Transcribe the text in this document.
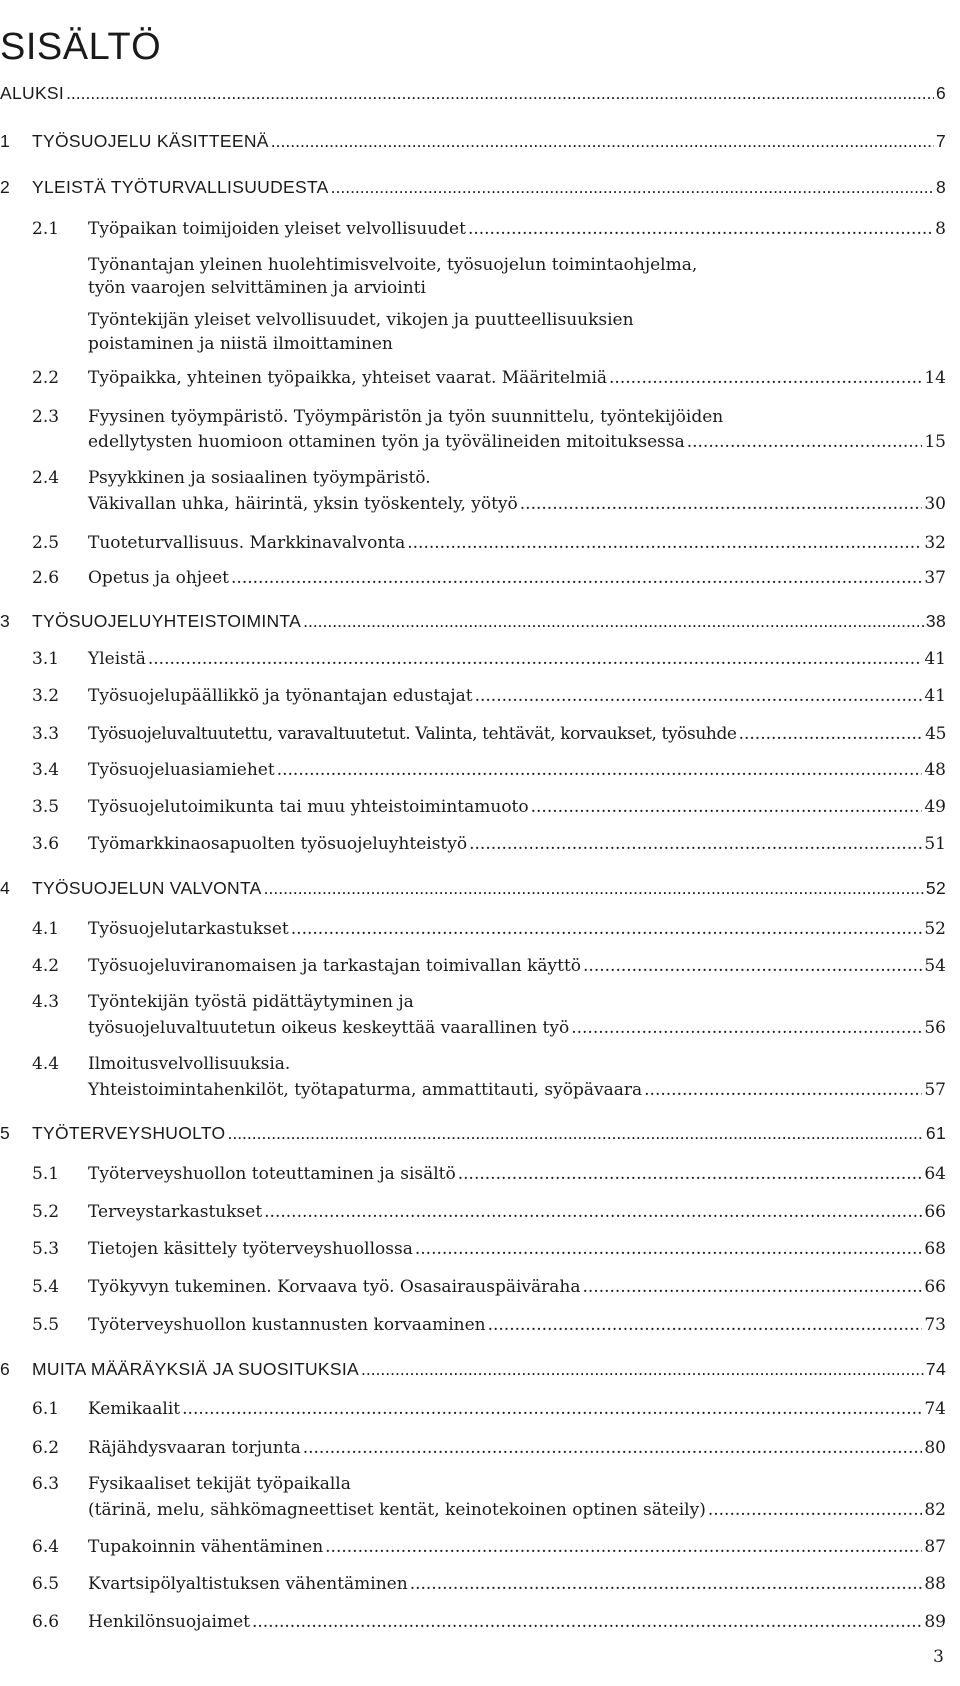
SISÄLTÖ
ALUKSI .....	6
1 TYÖSUOJELU KÄSITTEENÄ .....	7
2 YLEISTÄ TYÖTURVALLISUUDESTA .....	8
2.1 Työpaikan toimijoiden yleiset velvollisuudet .....	8
Työnantajan yleinen huolehtimisvelvoite, työsuojelun toimintaohjelma,
työn vaarojen selvittäminen ja arviointi
Työntekijän yleiset velvollisuudet, vikojen ja puutteellisuuksien
poistaminen ja niistä ilmoittaminen
2.2 Työpaikka, yhteinen työpaikka, yhteiset vaarat. Määritelmiä .....	14
2.3 Fyysinen työympäristö. Työympäristön ja työn suunnittelu, työntekijöiden
edellytysten huomioon ottaminen työn ja työvälineiden mitoituksessa .....	15
2.4 Psyykkinen ja sosiaalinen työympäristö.
Väkivallan uhka, häirintä, yksin työskentely, yötyö .....	30
2.5 Tuoteturvallisuus. Markkinavalvonta .....	32
2.6 Opetus ja ohjeet .....	37
3 TYÖSUOJELUYHTEISTOIMINTA .....	38
3.1 Yleistä .....	41
3.2 Työsuojelupäällikkö ja työnantajan edustajat .....	41
3.3 Työsuojeluvaltuutettu, varavaltuutetut. Valinta, tehtävät, korvaukset, työsuhde .....	45
3.4 Työsuojeluasiamiehet .....	48
3.5 Työsuojelutoimikunta tai muu yhteistoimintamuoto .....	49
3.6 Työmarkkinaosapuolten työsuojeluyhteistyö .....	51
4 TYÖSUOJELUN VALVONTA .....	52
4.1 Työsuojelutarkastukset .....	52
4.2 Työsuojeluviranomaisen ja tarkastajan toimivallan käyttö .....	54
4.3 Työntekijän työstä pidättäytyminen ja
työsuojeluvaltuutetun oikeus keskeyttää vaarallinen työ .....	56
4.4 Ilmoitusvelvollisuuksia.
Yhteistoimintahenkilöt, työtapaturma, ammattitauti, syöpävaara .....	57
5 TYÖTERVEYSHUOLTO .....	61
5.1 Työterveyshuollon toteuttaminen ja sisältö .....	64
5.2 Terveystarkastukset .....	66
5.3 Tietojen käsittely työterveyshuollossa .....	68
5.4 Työkyvyn tukeminen. Korvaava työ. Osasairauspäiväraha .....	66
5.5 Työterveyshuollon kustannusten korvaaminen .....	73
6 MUITA MÄÄRÄYKSIÄ JA SUOSITUKSIA .....	74
6.1 Kemikaalit .....	74
6.2 Räjähdysvaaran torjunta .....	80
6.3 Fysikaaliset tekijät työpaikalla
(tärinä, melu, sähkömagneettiset kentät, keinotekoinen optinen säteily) .....	82
6.4 Tupakoinnin vähentäminen .....	87
6.5 Kvartsipölyaltistuksen vähentäminen .....	88
6.6 Henkilönsuojaimet .....	89
3
